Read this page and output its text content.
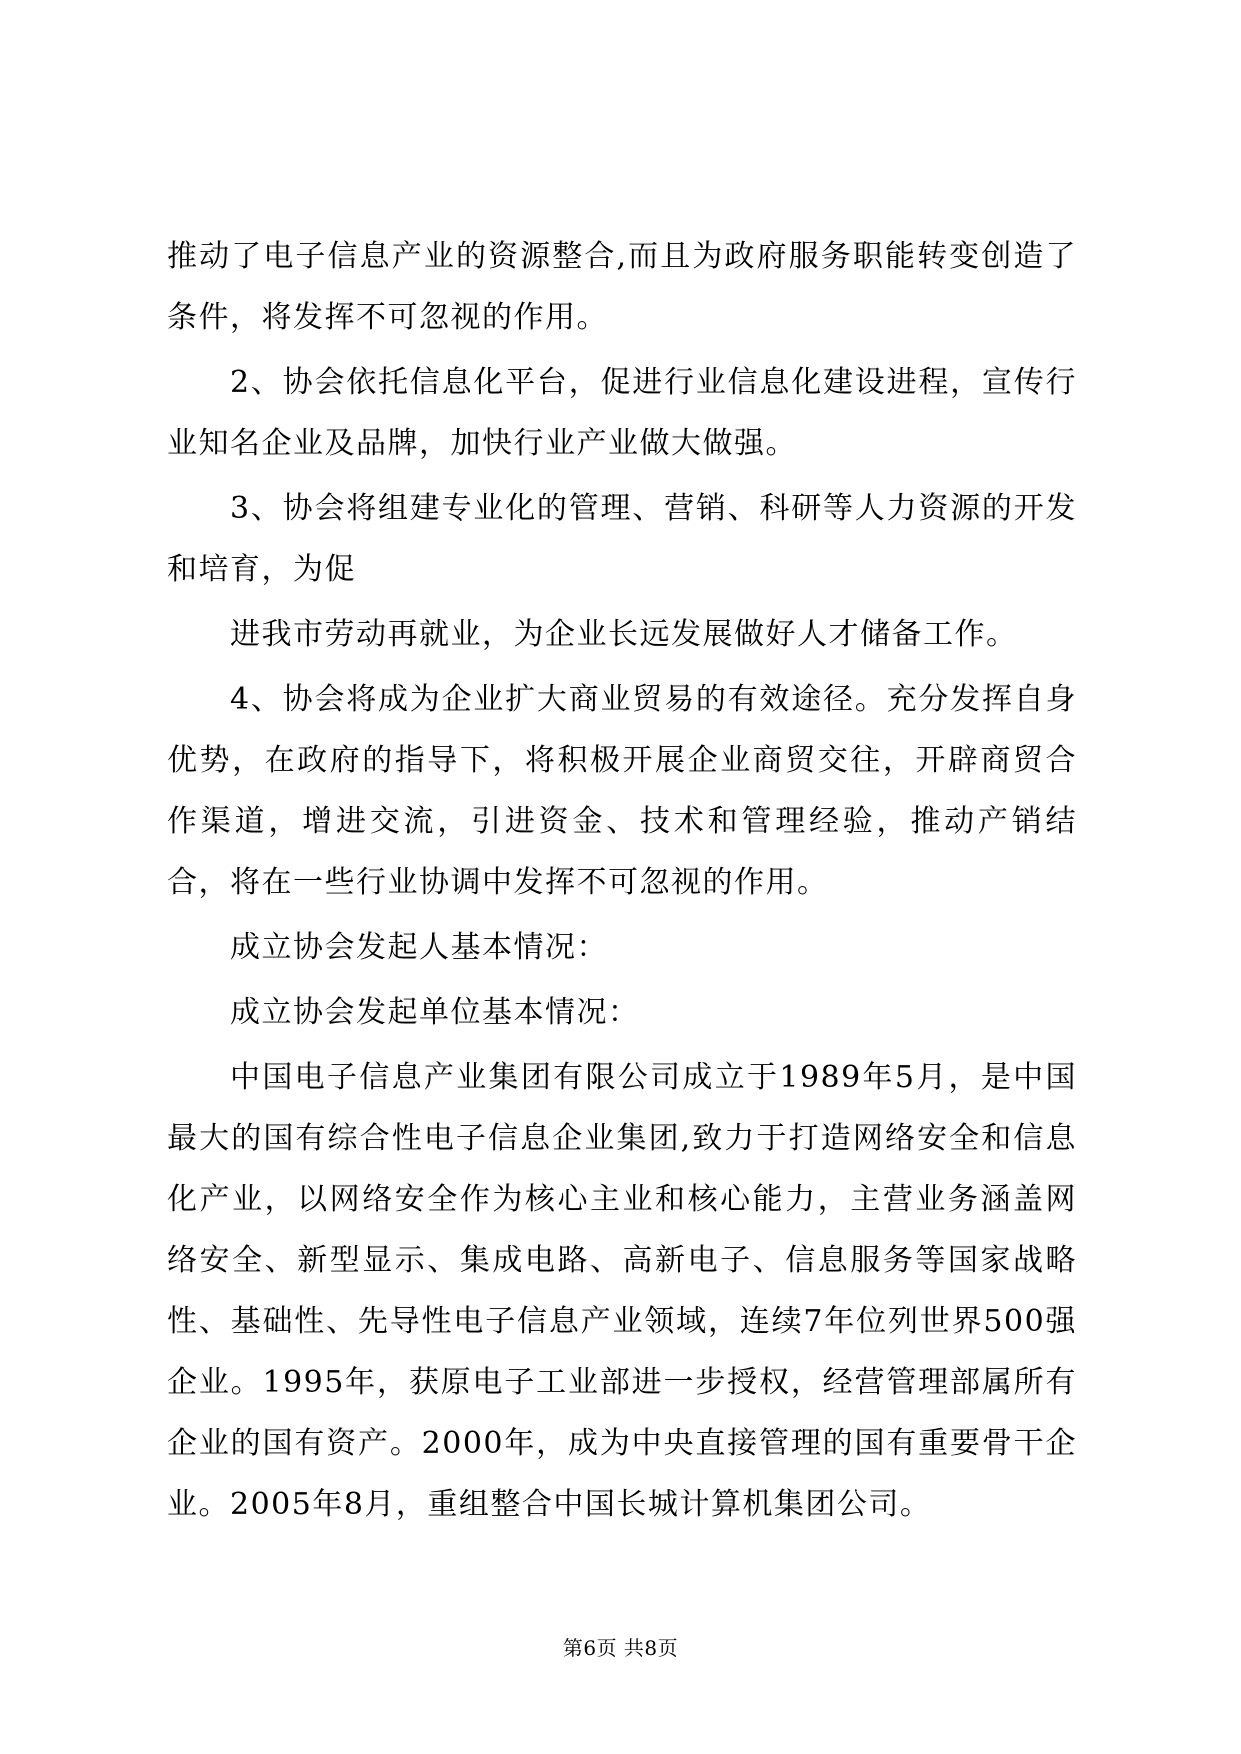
推动了电子信息产业的资源整合,而且为政府服务职能转变创造了条件，将发挥不可忽视的作用。

2、协会依托信息化平台，促进行业信息化建设进程，宣传行业知名企业及品牌，加快行业产业做大做强。

3、协会将组建专业化的管理、营销、科研等人力资源的开发和培育，为促

进我市劳动再就业，为企业长远发展做好人才储备工作。

4、协会将成为企业扩大商业贸易的有效途径。充分发挥自身优势，在政府的指导下，将积极开展企业商贸交往，开辟商贸合作渠道，增进交流，引进资金、技术和管理经验，推动产销结合，将在一些行业协调中发挥不可忽视的作用。

成立协会发起人基本情况：

成立协会发起单位基本情况：

中国电子信息产业集团有限公司成立于1989年5月，是中国最大的国有综合性电子信息企业集团,致力于打造网络安全和信息化产业，以网络安全作为核心主业和核心能力，主营业务涵盖网络安全、新型显示、集成电路、高新电子、信息服务等国家战略性、基础性、先导性电子信息产业领域，连续7年位列世界500强企业。1995年，获原电子工业部进一步授权，经营管理部属所有企业的国有资产。2000年，成为中央直接管理的国有重要骨干企业。2005年8月，重组整合中国长城计算机集团公司。

第6页 共8页
